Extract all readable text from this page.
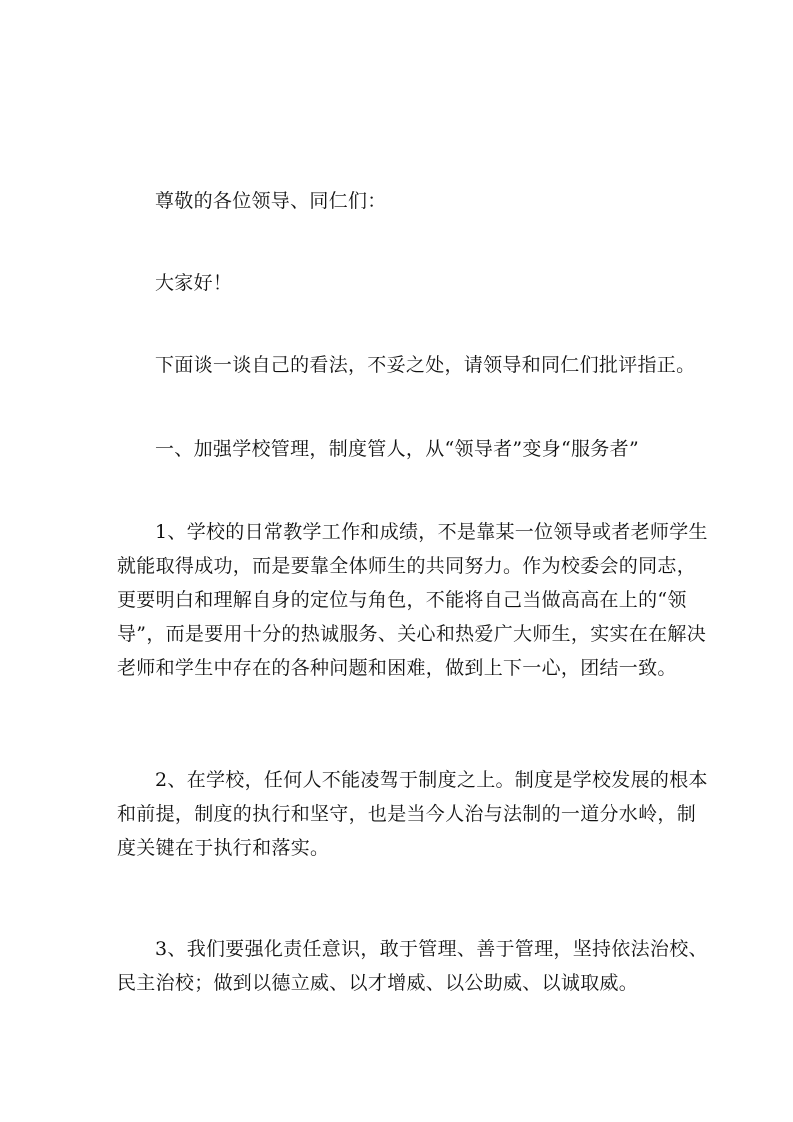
尊敬的各位领导、同仁们：
大家好！
下面谈一谈自己的看法，不妥之处，请领导和同仁们批评指正。
一、加强学校管理，制度管人，从“领导者”变身“服务者”
1、学校的日常教学工作和成绩，不是靠某一位领导或者老师学生
就能取得成功，而是要靠全体师生的共同努力。作为校委会的同志，
更要明白和理解自身的定位与角色，不能将自己当做高高在上的“领
导”，而是要用十分的热诚服务、关心和热爱广大师生，实实在在解决
老师和学生中存在的各种问题和困难，做到上下一心，团结一致。
2、在学校，任何人不能凌驾于制度之上。制度是学校发展的根本
和前提，制度的执行和坚守，也是当今人治与法制的一道分水岭，制
度关键在于执行和落实。
3、我们要强化责任意识，敢于管理、善于管理，坚持依法治校、
民主治校；做到以德立威、以才增威、以公助威、以诚取威。
